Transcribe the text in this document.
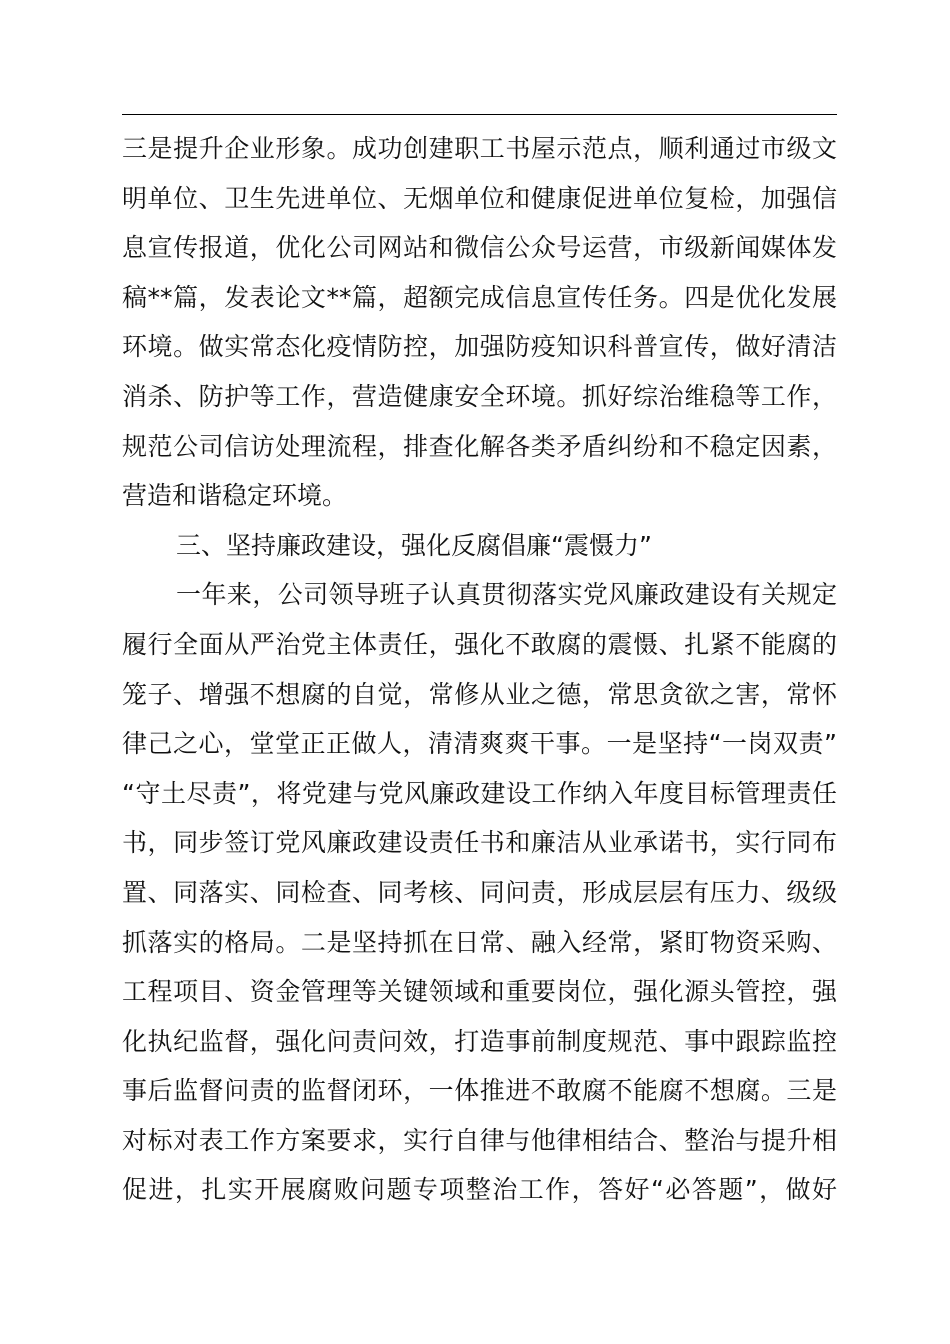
三是提升企业形象。成功创建职工书屋示范点，顺利通过市级文
明单位、卫生先进单位、无烟单位和健康促进单位复检，加强信
息宣传报道，优化公司网站和微信公众号运营，市级新闻媒体发
稿**篇，发表论文**篇，超额完成信息宣传任务。四是优化发展
环境。做实常态化疫情防控，加强防疫知识科普宣传，做好清洁
消杀、防护等工作，营造健康安全环境。抓好综治维稳等工作，
规范公司信访处理流程，排查化解各类矛盾纠纷和不稳定因素，
营造和谐稳定环境。
三、坚持廉政建设，强化反腐倡廉“震慑力”
一年来，公司领导班子认真贯彻落实党风廉政建设有关规定
履行全面从严治党主体责任，强化不敢腐的震慑、扎紧不能腐的
笼子、增强不想腐的自觉，常修从业之德，常思贪欲之害，常怀
律己之心，堂堂正正做人，清清爽爽干事。一是坚持“一岗双责”
“守土尽责”，将党建与党风廉政建设工作纳入年度目标管理责任
书，同步签订党风廉政建设责任书和廉洁从业承诺书，实行同布
置、同落实、同检查、同考核、同问责，形成层层有压力、级级
抓落实的格局。二是坚持抓在日常、融入经常，紧盯物资采购、
工程项目、资金管理等关键领域和重要岗位，强化源头管控，强
化执纪监督，强化问责问效，打造事前制度规范、事中跟踪监控
事后监督问责的监督闭环，一体推进不敢腐不能腐不想腐。三是
对标对表工作方案要求，实行自律与他律相结合、整治与提升相
促进，扎实开展腐败问题专项整治工作，答好“必答题”，做好
